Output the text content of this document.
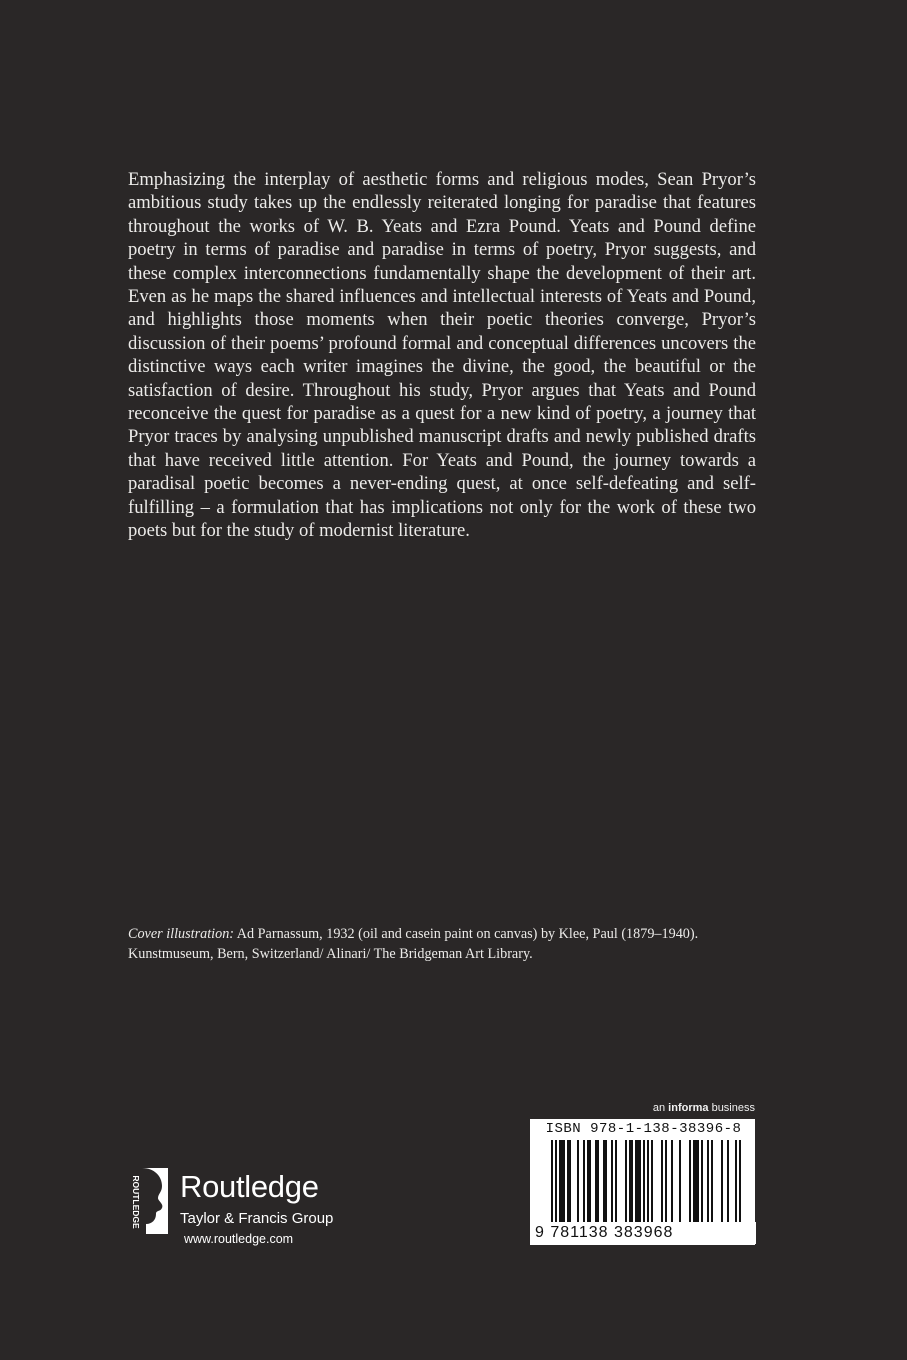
Emphasizing the interplay of aesthetic forms and religious modes, Sean Pryor’s ambitious study takes up the endlessly reiterated longing for paradise that features throughout the works of W. B. Yeats and Ezra Pound. Yeats and Pound define poetry in terms of paradise and paradise in terms of poetry, Pryor suggests, and these complex interconnections fundamentally shape the development of their art. Even as he maps the shared influences and intellectual interests of Yeats and Pound, and highlights those moments when their poetic theories converge, Pryor’s discussion of their poems’ profound formal and conceptual differences uncovers the distinctive ways each writer imagines the divine, the good, the beautiful or the satisfaction of desire. Throughout his study, Pryor argues that Yeats and Pound reconceive the quest for paradise as a quest for a new kind of poetry, a journey that Pryor traces by analysing unpublished manuscript drafts and newly published drafts that have received little attention. For Yeats and Pound, the journey towards a paradisal poetic becomes a never-ending quest, at once self-defeating and self-fulfilling – a formulation that has implications not only for the work of these two poets but for the study of modernist literature.

Cover illustration: Ad Parnassum, 1932 (oil and casein paint on canvas) by Klee, Paul (1879–1940). Kunstmuseum, Bern, Switzerland/ Alinari/ The Bridgeman Art Library.

an informa business

ISBN 978-1-138-38396-8

9 781138 383968

ROUTLEDGE Routledge

Taylor & Francis Group

www.routledge.com
